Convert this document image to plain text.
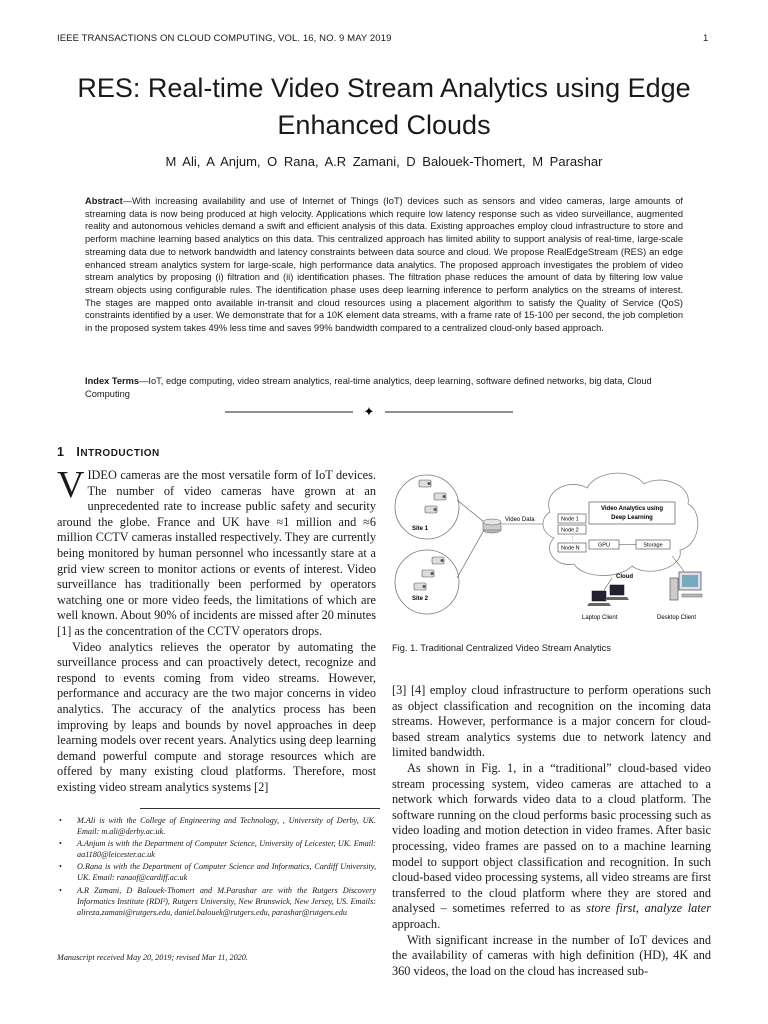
IEEE TRANSACTIONS ON CLOUD COMPUTING, VOL. 16, NO. 9 MAY 2019	1
RES: Real-time Video Stream Analytics using Edge Enhanced Clouds
M Ali, A Anjum, O Rana, A.R Zamani, D Balouek-Thomert, M Parashar
Abstract—With increasing availability and use of Internet of Things (IoT) devices such as sensors and video cameras, large amounts of streaming data is now being produced at high velocity. Applications which require low latency response such as video surveillance, augmented reality and autonomous vehicles demand a swift and efficient analysis of this data. Existing approaches employ cloud infrastructure to store and perform machine learning based analytics on this data. This centralized approach has limited ability to support analysis of real-time, large-scale streaming data due to network bandwidth and latency constraints between data source and cloud. We propose RealEdgeStream (RES) an edge enhanced stream analytics system for large-scale, high performance data analytics. The proposed approach investigates the problem of video stream analytics by proposing (i) filtration and (ii) identification phases. The filtration phase reduces the amount of data by filtering low value stream objects using configurable rules. The identification phase uses deep learning inference to perform analytics on the streams of interest. The stages are mapped onto available in-transit and cloud resources using a placement algorithm to satisfy the Quality of Service (QoS) constraints identified by a user. We demonstrate that for a 10K element data streams, with a frame rate of 15-100 per second, the job completion in the proposed system takes 49% less time and saves 99% bandwidth compared to a centralized cloud-only based approach.
Index Terms—IoT, edge computing, video stream analytics, real-time analytics, deep learning, software defined networks, big data, Cloud Computing
✦
1 INTRODUCTION

VIDEO cameras are the most versatile form of IoT devices. The number of video cameras have grown at an unprecedented rate to increase public safety and security around the globe. France and UK have ≈1 million and ≈6 million CCTV cameras installed respectively. They are currently being monitored by human personnel who incessantly stare at a grid view screen to monitor actions or events of interest. Video surveillance has traditionally been performed by operators watching one or more video feeds, the limitations of which are well known. About 90% of incidents are missed after 20 minutes [1] as the concentration of the CCTV operators drops.

Video analytics relieves the operator by automating the surveillance process and can proactively detect, recognize and respond to events coming from video streams. However, performance and accuracy are the two major concerns in video analytics. The accuracy of the analytics process has been improving by leaps and bounds by novel approaches in deep learning models over recent years. Analytics using deep learning demand powerful compute and storage resources which are offered by many existing cloud platforms. Therefore, most existing video stream analytics systems [2]

• M.Ali is with the College of Engineering and Technology, , University of Derby, UK. Email: m.ali@derby.ac.uk.
• A.Anjum is with the Department of Computer Science, University of Leicester, UK. Email: aa1180@leicester.ac.uk
• O.Rana is with the Department of Computer Science and Informatics, Cardiff University, UK. Email: ranaof@cardiff.ac.uk
• A.R Zamani, D Balouek-Thomert and M.Parashar are with the Rutgers Discovery Informatics Institute (RDI²), Rutgers University, New Brunswick, New Jersey, US. Emails: alireza.zamani@rutgers.edu, daniel.balouek@rutgers.edu, parashar@rutgers.edu
Manuscript received May 20, 2019; revised Mar 11, 2020.
Site 1
Site 2
Video Data	Node 1
Node 2
⋮
Node N
Video Analytics using
Deep Learning
GPU	Storage
Cloud
Laptop Client	Desktop Client
Fig. 1. Traditional Centralized Video Stream Analytics

[3] [4] employ cloud infrastructure to perform operations such as object classification and recognition on the incoming data streams. However, performance is a major concern for cloud-based stream analytics systems due to network latency and limited bandwidth.

As shown in Fig. 1, in a “traditional” cloud-based video stream processing system, video cameras are attached to a network which forwards video data to a cloud platform. The software running on the cloud performs basic processing such as video loading and motion detection in video frames. After basic processing, video frames are passed on to a machine learning model to support object classification and recognition. In such cloud-based video processing systems, all video streams are first transferred to the cloud platform where they are stored and analysed – sometimes referred to as store first, analyze later approach.

With significant increase in the number of IoT devices and the availability of cameras with high definition (HD), 4K and 360 videos, the load on the cloud has increased sub-
